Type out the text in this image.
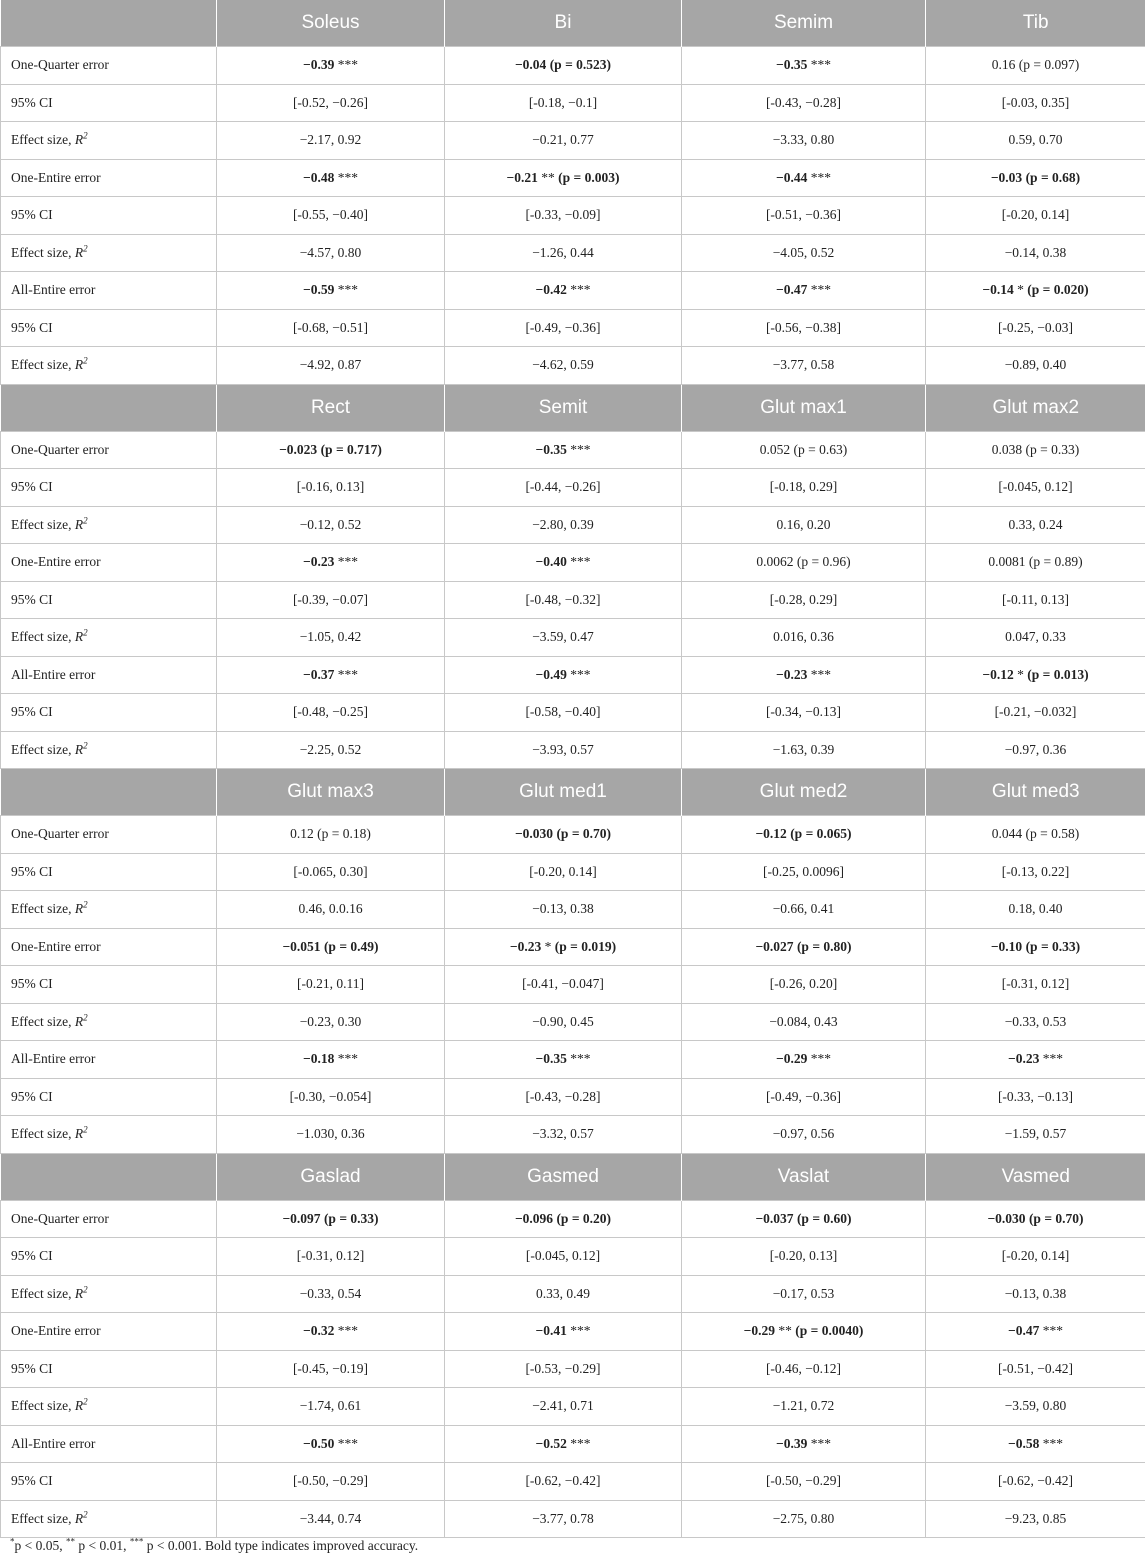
	Soleus	Bi	Semim	Tib
One-Quarter error	−0.39 ***	−0.04 (p = 0.523)	−0.35 ***	0.16 (p = 0.097)
95% CI	[-0.52, −0.26]	[-0.18, −0.1]	[-0.43, −0.28]	[-0.03, 0.35]
Effect size, $R^2$	−2.17, 0.92	−0.21, 0.77	−3.33, 0.80	0.59, 0.70
One-Entire error	−0.48 ***	−0.21 ** (p = 0.003)	−0.44 ***	−0.03 (p = 0.68)
95% CI	[-0.55, −0.40]	[-0.33, −0.09]	[-0.51, −0.36]	[-0.20, 0.14]
Effect size, $R^2$	−4.57, 0.80	−1.26, 0.44	−4.05, 0.52	−0.14, 0.38
All-Entire error	−0.59 ***	−0.42 ***	−0.47 ***	−0.14 * (p = 0.020)
95% CI	[-0.68, −0.51]	[-0.49, −0.36]	[-0.56, −0.38]	[-0.25, −0.03]
Effect size, $R^2$	−4.92, 0.87	−4.62, 0.59	−3.77, 0.58	−0.89, 0.40
	Rect	Semit	Glut max1	Glut max2
One-Quarter error	−0.023 (p = 0.717)	−0.35 ***	0.052 (p = 0.63)	0.038 (p = 0.33)
95% CI	[-0.16, 0.13]	[-0.44, −0.26]	[-0.18, 0.29]	[-0.045, 0.12]
Effect size, $R^2$	−0.12, 0.52	−2.80, 0.39	0.16, 0.20	0.33, 0.24
One-Entire error	−0.23 ***	−0.40 ***	0.0062 (p = 0.96)	0.0081 (p = 0.89)
95% CI	[-0.39, −0.07]	[-0.48, −0.32]	[-0.28, 0.29]	[-0.11, 0.13]
Effect size, $R^2$	−1.05, 0.42	−3.59, 0.47	0.016, 0.36	0.047, 0.33
All-Entire error	−0.37 ***	−0.49 ***	−0.23 ***	−0.12 * (p = 0.013)
95% CI	[-0.48, −0.25]	[-0.58, −0.40]	[-0.34, −0.13]	[-0.21, −0.032]
Effect size, $R^2$	−2.25, 0.52	−3.93, 0.57	−1.63, 0.39	−0.97, 0.36
	Glut max3	Glut med1	Glut med2	Glut med3
One-Quarter error	0.12 (p = 0.18)	−0.030 (p = 0.70)	−0.12 (p = 0.065)	0.044 (p = 0.58)
95% CI	[-0.065, 0.30]	[-0.20, 0.14]	[-0.25, 0.0096]	[-0.13, 0.22]
Effect size, $R^2$	0.46, 0.0.16	−0.13, 0.38	−0.66, 0.41	0.18, 0.40
One-Entire error	−0.051 (p = 0.49)	−0.23 * (p = 0.019)	−0.027 (p = 0.80)	−0.10 (p = 0.33)
95% CI	[-0.21, 0.11]	[-0.41, −0.047]	[-0.26, 0.20]	[-0.31, 0.12]
Effect size, $R^2$	−0.23, 0.30	−0.90, 0.45	−0.084, 0.43	−0.33, 0.53
All-Entire error	−0.18 ***	−0.35 ***	−0.29 ***	−0.23 ***
95% CI	[-0.30, −0.054]	[-0.43, −0.28]	[-0.49, −0.36]	[-0.33, −0.13]
Effect size, $R^2$	−1.030, 0.36	−3.32, 0.57	−0.97, 0.56	−1.59, 0.57
	Gaslad	Gasmed	Vaslat	Vasmed
One-Quarter error	−0.097 (p = 0.33)	−0.096 (p = 0.20)	−0.037 (p = 0.60)	−0.030 (p = 0.70)
95% CI	[-0.31, 0.12]	[-0.045, 0.12]	[-0.20, 0.13]	[-0.20, 0.14]
Effect size, $R^2$	−0.33, 0.54	0.33, 0.49	−0.17, 0.53	−0.13, 0.38
One-Entire error	−0.32 ***	−0.41 ***	−0.29 ** (p = 0.0040)	−0.47 ***
95% CI	[-0.45, −0.19]	[-0.53, −0.29]	[-0.46, −0.12]	[-0.51, −0.42]
Effect size, $R^2$	−1.74, 0.61	−2.41, 0.71	−1.21, 0.72	−3.59, 0.80
All-Entire error	−0.50 ***	−0.52 ***	−0.39 ***	−0.58 ***
95% CI	[-0.50, −0.29]	[-0.62, −0.42]	[-0.50, −0.29]	[-0.62, −0.42]
Effect size, $R^2$	−3.44, 0.74	−3.77, 0.78	−2.75, 0.80	−9.23, 0.85
*p < 0.05, ** p < 0.01, *** p < 0.001. Bold type indicates improved accuracy.
